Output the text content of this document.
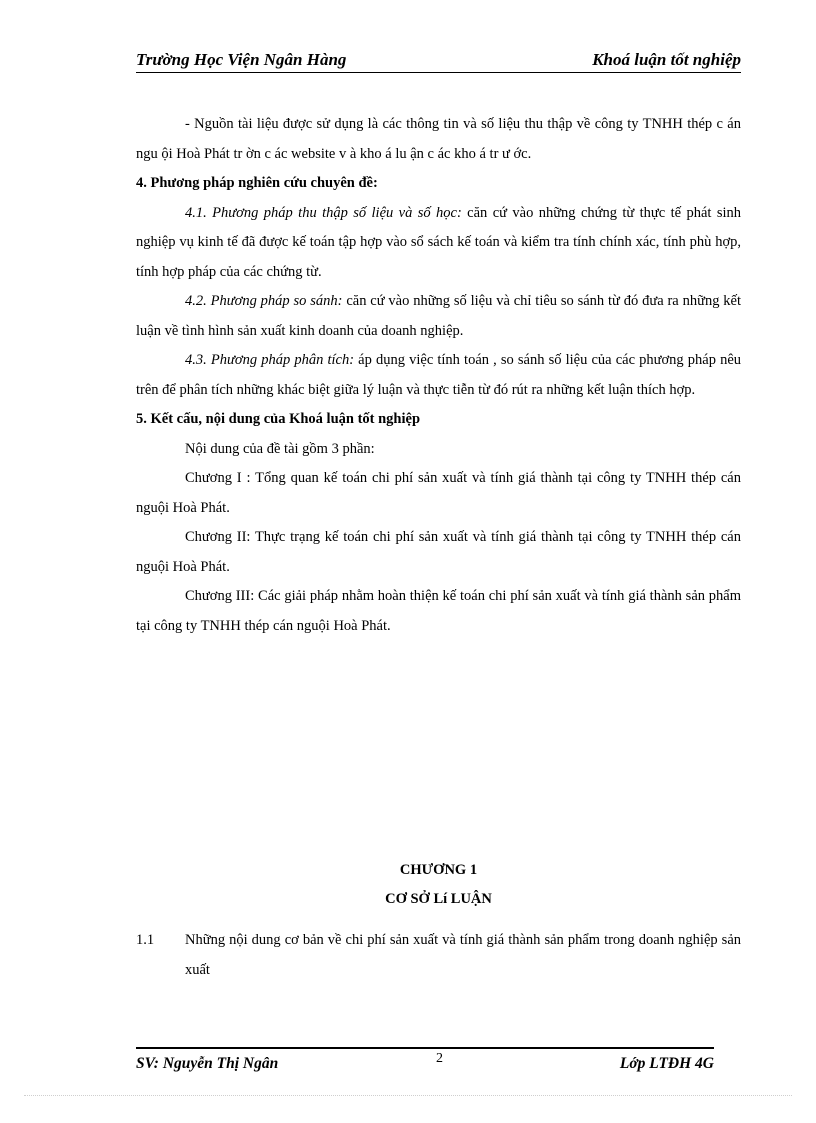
Trường Học Viện Ngân Hàng	Khoá luận tốt nghiệp

- Nguồn tài liệu được sử dụng là các thông tin và số liệu thu thập về công ty TNHH thép c án ngu ội Hoà Phát tr ờn c ác website v à kho á lu ận c ác kho á tr ư ớc.

4. Phương pháp nghiên cứu chuyên đề:

4.1. Phương pháp thu thập số liệu và số học: căn cứ vào những chứng từ thực tế phát sinh nghiệp vụ kinh tế đã được kế toán tập hợp vào sổ sách kế toán và kiểm tra tính chính xác, tính phù hợp, tính hợp pháp của các chứng từ.

4.2. Phương pháp so sánh: căn cứ vào những số liệu và chỉ tiêu so sánh từ đó đưa ra những kết luận về tình hình sản xuất kinh doanh của doanh nghiệp.

4.3. Phương pháp phân tích: áp dụng việc tính toán , so sánh số liệu của các phương pháp nêu trên để phân tích những khác biệt giữa lý luận và thực tiễn từ đó rút ra những kết luận thích hợp.

5. Kết cấu, nội dung của Khoá luận tốt nghiệp

Nội dung của đề tài gồm 3 phần:

Chương I : Tổng quan kế toán chi phí sản xuất và tính giá thành tại công ty TNHH thép cán nguội Hoà Phát.

Chương II: Thực trạng kế toán chi phí sản xuất và tính giá thành tại công ty TNHH thép cán nguội Hoà Phát.

Chương III: Các giải pháp nhằm hoàn thiện kế toán chi phí sản xuất và tính giá thành sản phẩm tại công ty TNHH thép cán nguội Hoà Phát.

CHƯƠNG 1
CƠ SỞ Lí LUẬN
1.1 Những nội dung cơ bản về chi phí sản xuất và tính giá thành sản phẩm trong doanh nghiệp sản xuất
SV: Nguyễn Thị Ngân	2	Lớp LTĐH 4G
